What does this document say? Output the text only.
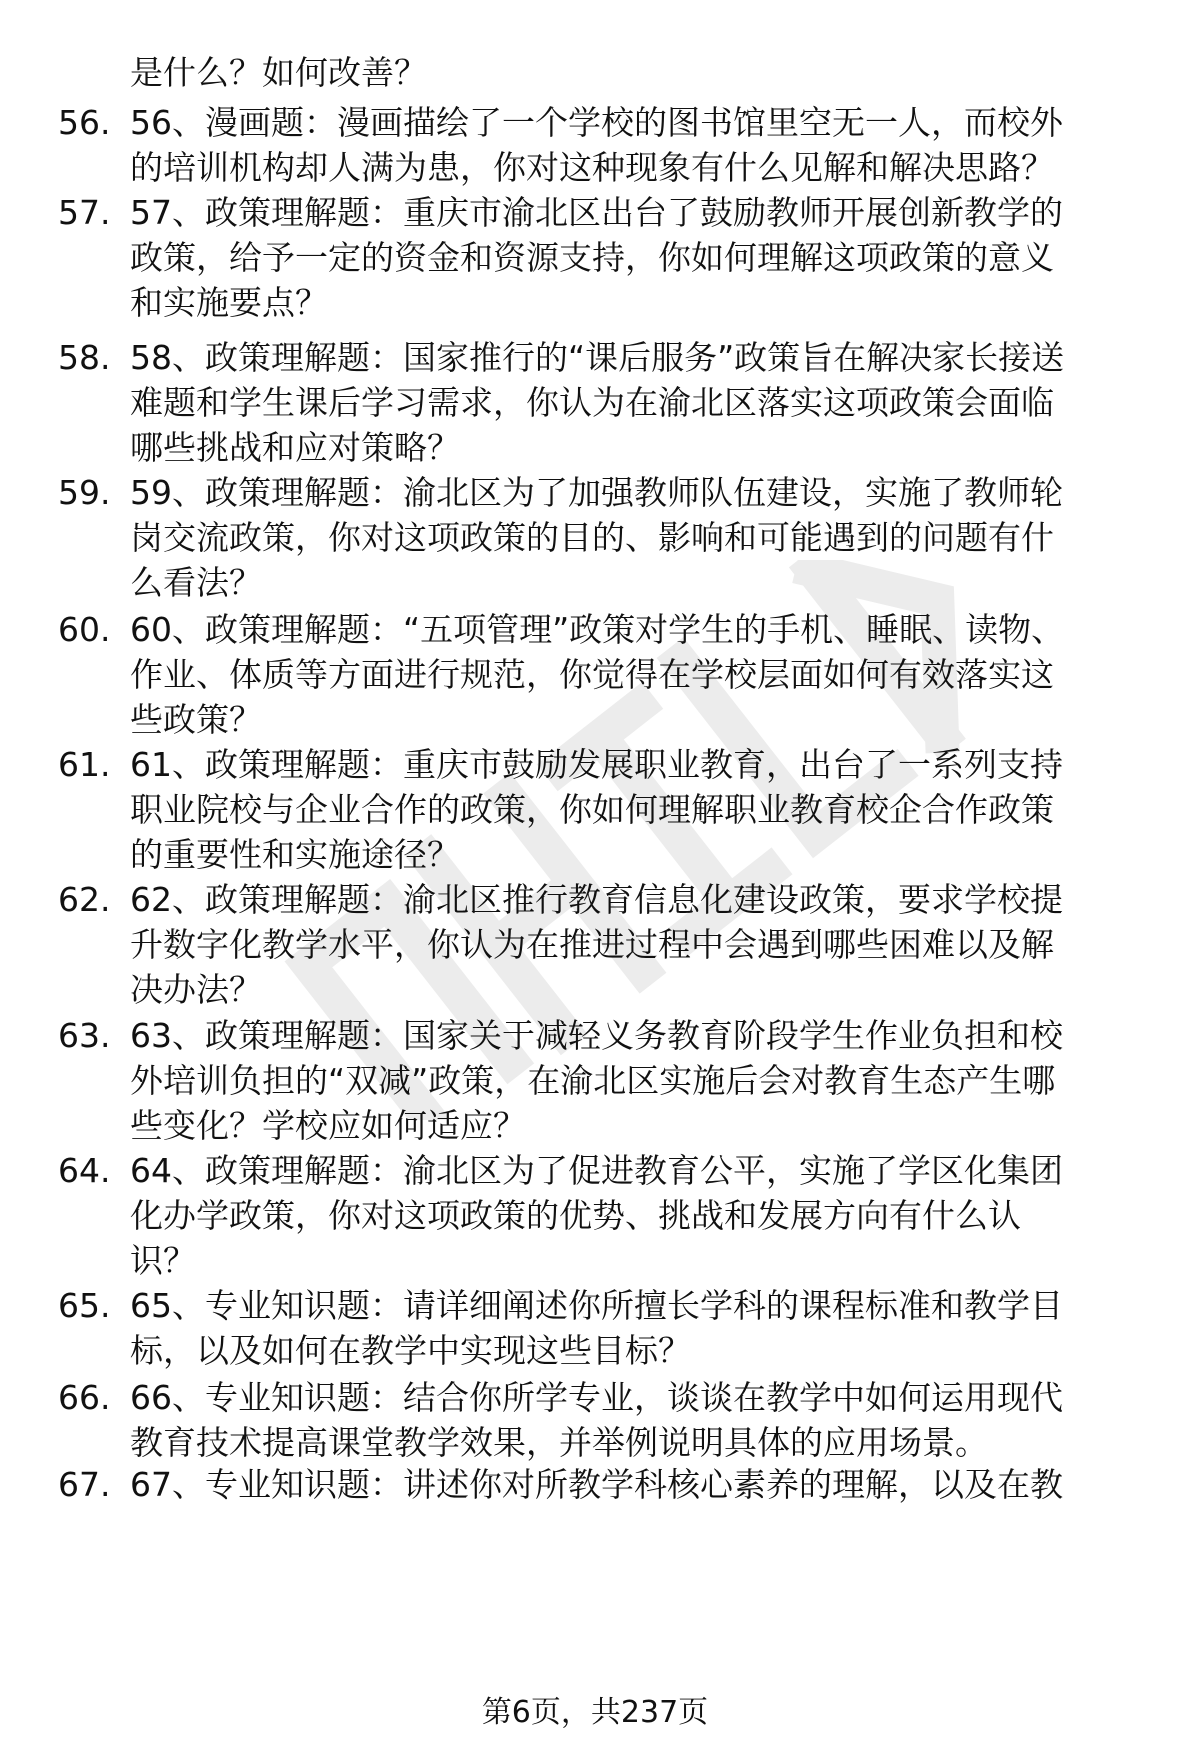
是什么？如何改善？
56. 56、漫画题：漫画描绘了一个学校的图书馆里空无一人，而校外
的培训机构却人满为患，你对这种现象有什么见解和解决思路？
57. 57、政策理解题：重庆市渝北区出台了鼓励教师开展创新教学的
政策，给予一定的资金和资源支持，你如何理解这项政策的意义
和实施要点？
58. 58、政策理解题：国家推行的“课后服务”政策旨在解决家长接送
难题和学生课后学习需求，你认为在渝北区落实这项政策会面临
哪些挑战和应对策略？
59. 59、政策理解题：渝北区为了加强教师队伍建设，实施了教师轮
岗交流政策，你对这项政策的目的、影响和可能遇到的问题有什
么看法？
60. 60、政策理解题：“五项管理”政策对学生的手机、睡眠、读物、
作业、体质等方面进行规范，你觉得在学校层面如何有效落实这
些政策？
61. 61、政策理解题：重庆市鼓励发展职业教育，出台了一系列支持
职业院校与企业合作的政策，你如何理解职业教育校企合作政策
的重要性和实施途径？
62. 62、政策理解题：渝北区推行教育信息化建设政策，要求学校提
升数字化教学水平，你认为在推进过程中会遇到哪些困难以及解
决办法？
63. 63、政策理解题：国家关于减轻义务教育阶段学生作业负担和校
外培训负担的“双减”政策，在渝北区实施后会对教育生态产生哪
些变化？学校应如何适应？
64. 64、政策理解题：渝北区为了促进教育公平，实施了学区化集团
化办学政策，你对这项政策的优势、挑战和发展方向有什么认
识？
65. 65、专业知识题：请详细阐述你所擅长学科的课程标准和教学目
标，以及如何在教学中实现这些目标？
66. 66、专业知识题：结合你所学专业，谈谈在教学中如何运用现代
教育技术提高课堂教学效果，并举例说明具体的应用场景。
67. 67、专业知识题：讲述你对所教学科核心素养的理解，以及在教
第6页，共237页
